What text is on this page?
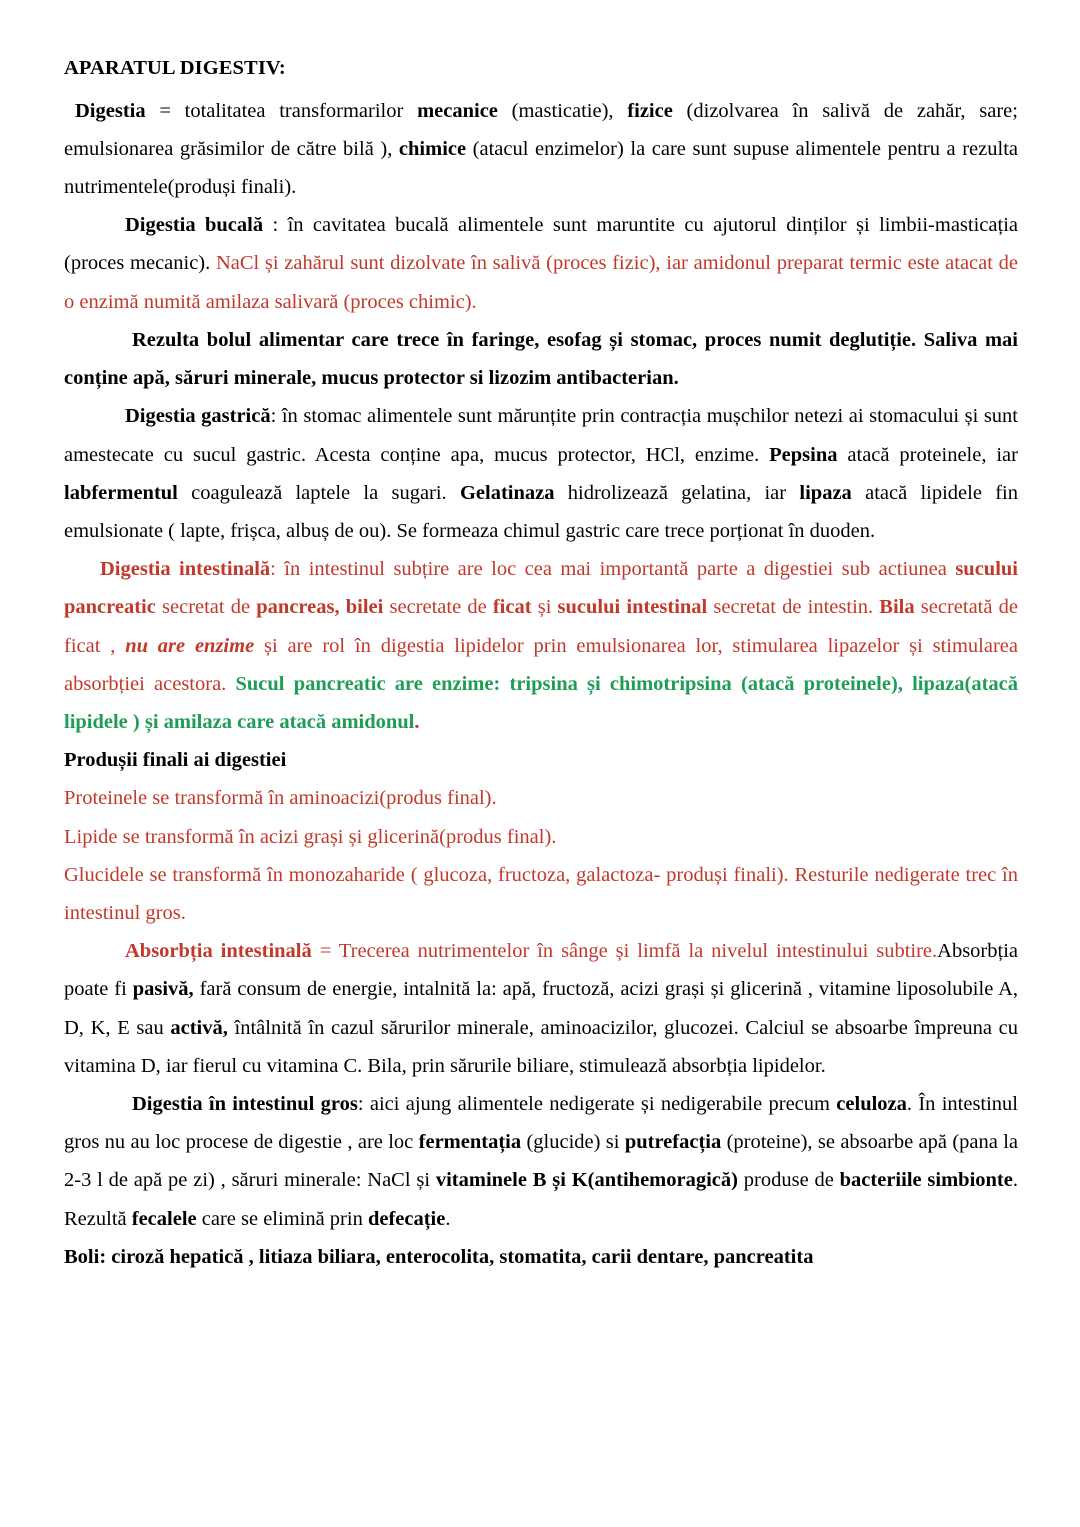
APARATUL DIGESTIV:

Digestia = totalitatea transformarilor mecanice (masticatie), fizice (dizolvarea în salivă de zahăr, sare; emulsionarea grăsimilor de către bilă ), chimice (atacul enzimelor) la care sunt supuse alimentele pentru a rezulta nutrimentele(produși finali).

Digestia bucală : în cavitatea bucală alimentele sunt maruntite cu ajutorul dinților și limbii-masticația (proces mecanic). NaCl și zahărul sunt dizolvate în salivă (proces fizic), iar amidonul preparat termic este atacat de o enzimă numită amilaza salivară (proces chimic).

Rezulta bolul alimentar care trece în faringe, esofag și stomac, proces numit deglutiție. Saliva mai conține apă, săruri minerale, mucus protector si lizozim antibacterian.

Digestia gastrică: în stomac alimentele sunt mărunțite prin contracția mușchilor netezi ai stomacului și sunt amestecate cu sucul gastric. Acesta conține apa, mucus protector, HCl, enzime. Pepsina atacă proteinele, iar labfermentul coagulează laptele la sugari. Gelatinaza hidrolizează gelatina, iar lipaza atacă lipidele fin emulsionate ( lapte, frișca, albuș de ou). Se formeaza chimul gastric care trece porționat în duoden.

Digestia intestinală: în intestinul subțire are loc cea mai importantă parte a digestiei sub actiunea sucului pancreatic secretat de pancreas, bilei secretate de ficat și sucului intestinal secretat de intestin. Bila secretată de ficat , nu are enzime și are rol în digestia lipidelor prin emulsionarea lor, stimularea lipazelor și stimularea absorbției acestora. Sucul pancreatic are enzime: tripsina și chimotripsina (atacă proteinele), lipaza(atacă lipidele ) și amilaza care atacă amidonul.

Produșii finali ai digestiei

Proteinele se transformă în aminoacizi(produs final).

Lipide se transformă în acizi grași și glicerină(produs final).

Glucidele se transformă în monozaharide ( glucoza, fructoza, galactoza- produși finali). Resturile nedigerate trec în intestinul gros.

Absorbția intestinală = Trecerea nutrimentelor în sânge și limfă la nivelul intestinului subtire.Absorbția poate fi pasivă, fară consum de energie, intalnită la: apă, fructoză, acizi grași și glicerină , vitamine liposolubile A, D, K, E sau activă, întâlnită în cazul sărurilor minerale, aminoacizilor, glucozei. Calciul se absoarbe împreuna cu vitamina D, iar fierul cu vitamina C. Bila, prin sărurile biliare, stimulează absorbția lipidelor.

Digestia în intestinul gros: aici ajung alimentele nedigerate și nedigerabile precum celuloza. În intestinul gros nu au loc procese de digestie , are loc fermentația (glucide) si putrefacția (proteine), se absoarbe apă (pana la 2-3 l de apă pe zi) , săruri minerale: NaCl și vitaminele B și K(antihemoragică) produse de bacteriile simbionte. Rezultă fecalele care se elimină prin defecație.

Boli: ciroză hepatică , litiaza biliara, enterocolita, stomatita, carii dentare, pancreatita
